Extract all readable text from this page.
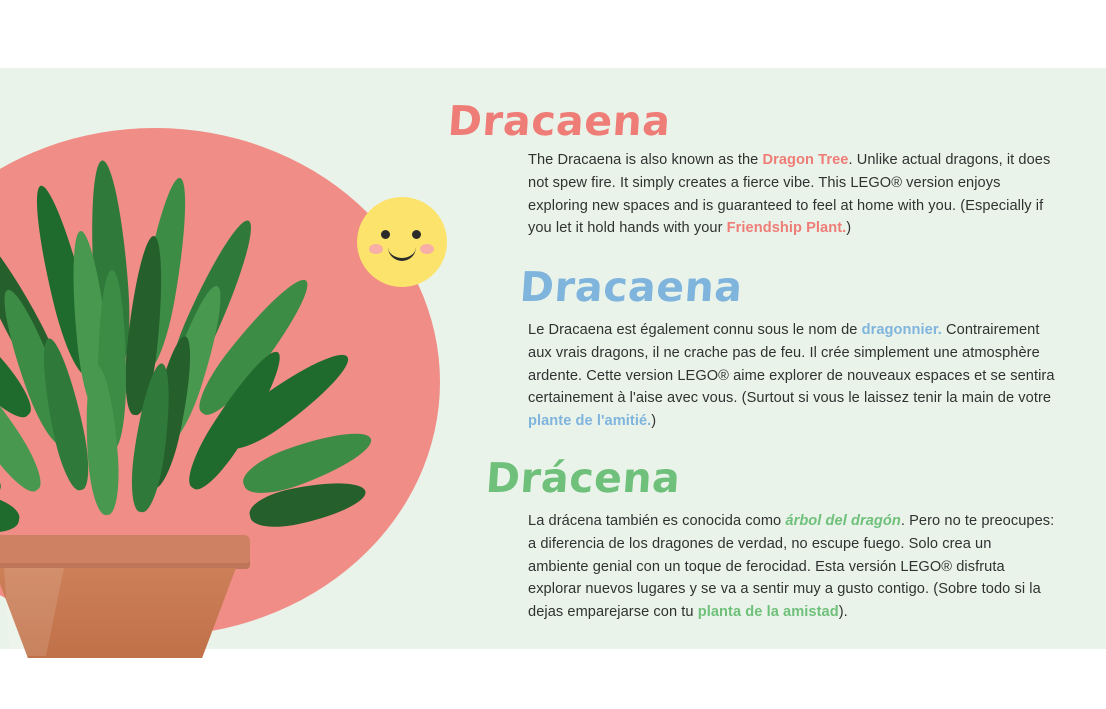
Dracaena

The Dracaena is also known as the Dragon Tree. Unlike actual dragons, it does not spew fire. It simply creates a fierce vibe. This LEGO® version enjoys exploring new spaces and is guaranteed to feel at home with you. (Especially if you let it hold hands with your Friendship Plant.)

Dracaena

Le Dracaena est également connu sous le nom de dragonnier. Contrairement aux vrais dragons, il ne crache pas de feu. Il crée simplement une atmosphère ardente. Cette version LEGO® aime explorer de nouveaux espaces et se sentira certainement à l'aise avec vous. (Surtout si vous le laissez tenir la main de votre plante de l'amitié.)

Drácena

La drácena también es conocida como árbol del dragón. Pero no te preocupes: a diferencia de los dragones de verdad, no escupe fuego. Solo crea un ambiente genial con un toque de ferocidad. Esta versión LEGO® disfruta explorar nuevos lugares y se va a sentir muy a gusto contigo. (Sobre todo si la dejas emparejarse con tu planta de la amistad).
